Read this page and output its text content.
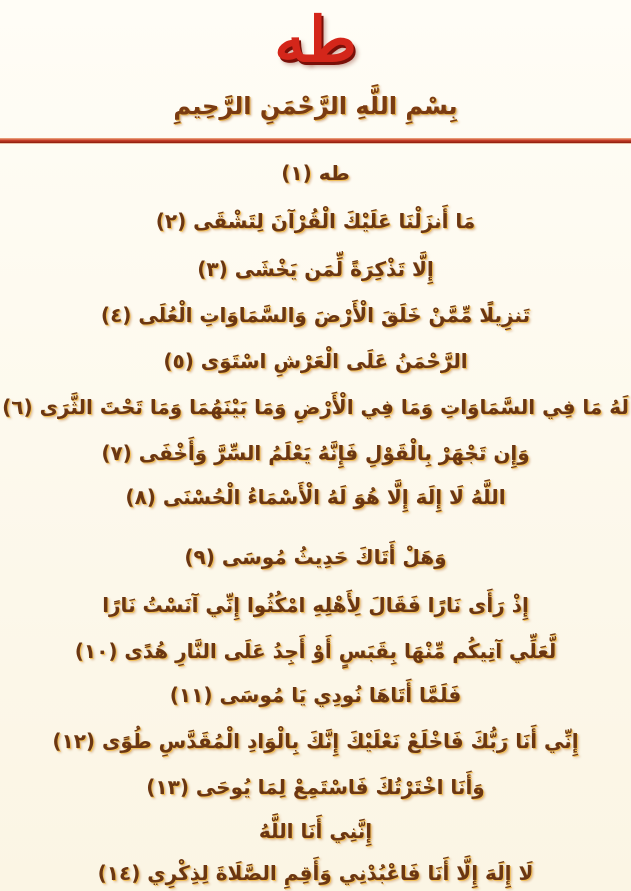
طه
بِسْمِ اللَّهِ الرَّحْمَنِ الرَّحِيمِ
طه (١)
مَا أَنزَلْنَا عَلَيْكَ الْقُرْآنَ لِتَشْقَى (٢)
إِلَّا تَذْكِرَةً لِّمَن يَخْشَى (٣)
تَنزِيلًا مِّمَّنْ خَلَقَ الْأَرْضَ وَالسَّمَاوَاتِ الْعُلَى (٤)
الرَّحْمَنُ عَلَى الْعَرْشِ اسْتَوَى (٥)
لَهُ مَا فِي السَّمَاوَاتِ وَمَا فِي الْأَرْضِ وَمَا بَيْنَهُمَا وَمَا تَحْتَ الثَّرَى (٦)
وَإِن تَجْهَرْ بِالْقَوْلِ فَإِنَّهُ يَعْلَمُ السِّرَّ وَأَخْفَى (٧)
اللَّهُ لَا إِلَهَ إِلَّا هُوَ لَهُ الْأَسْمَاءُ الْحُسْنَى (٨)
وَهَلْ أَتَاكَ حَدِيثُ مُوسَى (٩)
إِذْ رَأَى نَارًا فَقَالَ لِأَهْلِهِ امْكُثُوا إِنِّي آنَسْتُ نَارًا
لَّعَلِّي آتِيكُم مِّنْهَا بِقَبَسٍ أَوْ أَجِدُ عَلَى النَّارِ هُدًى (١٠)
فَلَمَّا أَتَاهَا نُودِي يَا مُوسَى (١١)
إِنِّي أَنَا رَبُّكَ فَاخْلَعْ نَعْلَيْكَ إِنَّكَ بِالْوَادِ الْمُقَدَّسِ طُوًى (١٢)
وَأَنَا اخْتَرْتُكَ فَاسْتَمِعْ لِمَا يُوحَى (١٣)
إِنَّنِي أَنَا اللَّهُ
لَا إِلَهَ إِلَّا أَنَا فَاعْبُدْنِي وَأَقِمِ الصَّلَاةَ لِذِكْرِي (١٤)
